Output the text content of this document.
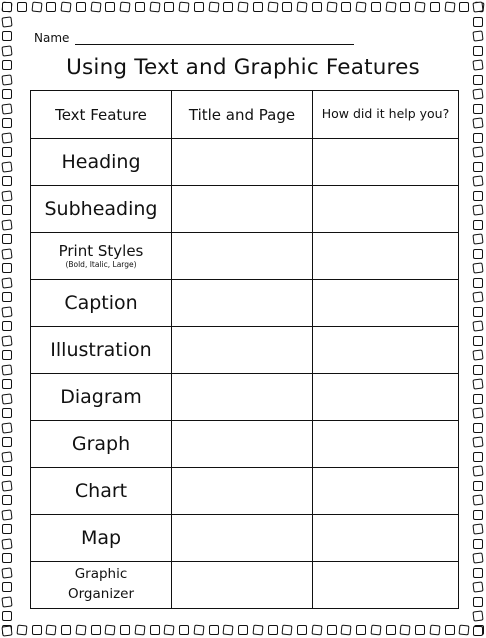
Name
Using Text and Graphic Features
Text Feature	Title and Page	How did it help you?
Heading		
Subheading		
Print Styles
(Bold, Italic, Large)		

Caption		
Illustration		
Diagram		
Graph		
Chart		
Map		
Graphic Organizer		
